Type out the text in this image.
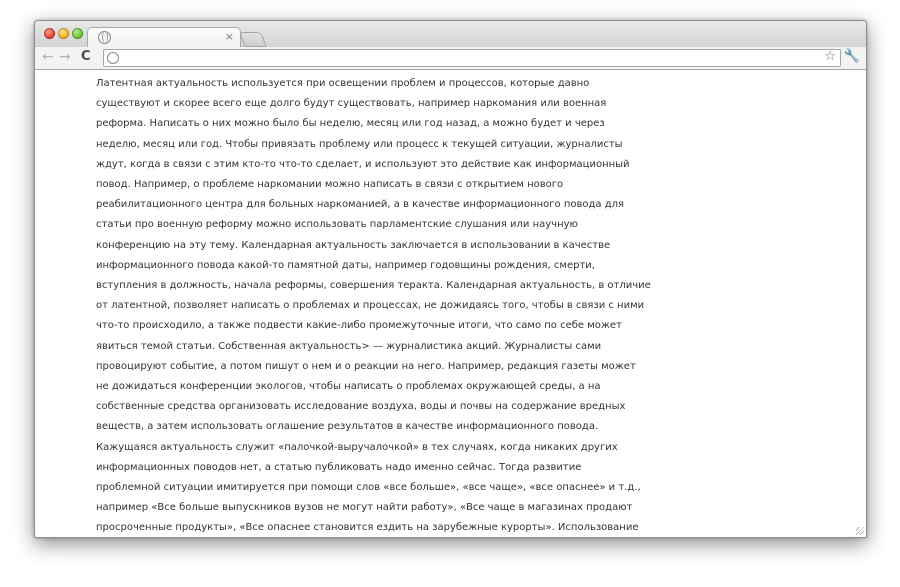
×
← → C	☆ 🔧
Латентная актуальность используется при освещении проблем и процессов, которые давно
существуют и скорее всего еще долго будут существовать, например наркомания или военная
реформа. Написать о них можно было бы неделю, месяц или год назад, а можно будет и через
неделю, месяц или год. Чтобы привязать проблему или процесс к текущей ситуации, журналисты
ждут, когда в связи с этим кто-то что-то сделает, и используют это действие как информационный
повод. Например, о проблеме наркомании можно написать в связи с открытием нового
реабилитационного центра для больных наркоманией, а в качестве информационного повода для
статьи про военную реформу можно использовать парламентские слушания или научную
конференцию на эту тему. Календарная актуальность заключается в использовании в качестве
информационного повода какой-то памятной даты, например годовщины рождения, смерти,
вступления в должность, начала реформы, совершения теракта. Календарная актуальность, в отличие
от латентной, позволяет написать о проблемах и процессах, не дожидаясь того, чтобы в связи с ними
что-то происходило, а также подвести какие-либо промежуточные итоги, что само по себе может
явиться темой статьи. Собственная актуальность> — журналистика акций. Журналисты сами
провоцируют событие, а потом пишут о нем и о реакции на него. Например, редакция газеты может
не дожидаться конференции экологов, чтобы написать о проблемах окружающей среды, а на
собственные средства организовать исследование воздуха, воды и почвы на содержание вредных
веществ, а затем использовать оглашение результатов в качестве информационного повода.
Кажущаяся актуальность служит «палочкой-выручалочкой» в тех случаях, когда никаких других
информационных поводов нет, а статью публиковать надо именно сейчас. Тогда развитие
проблемной ситуации имитируется при помощи слов «все больше», «все чаще», «все опаснее» и т.д.,
например «Все больше выпускников вузов не могут найти работу», «Все чаще в магазинах продают
просроченные продукты», «Все опаснее становится ездить на зарубежные курорты». Использование
